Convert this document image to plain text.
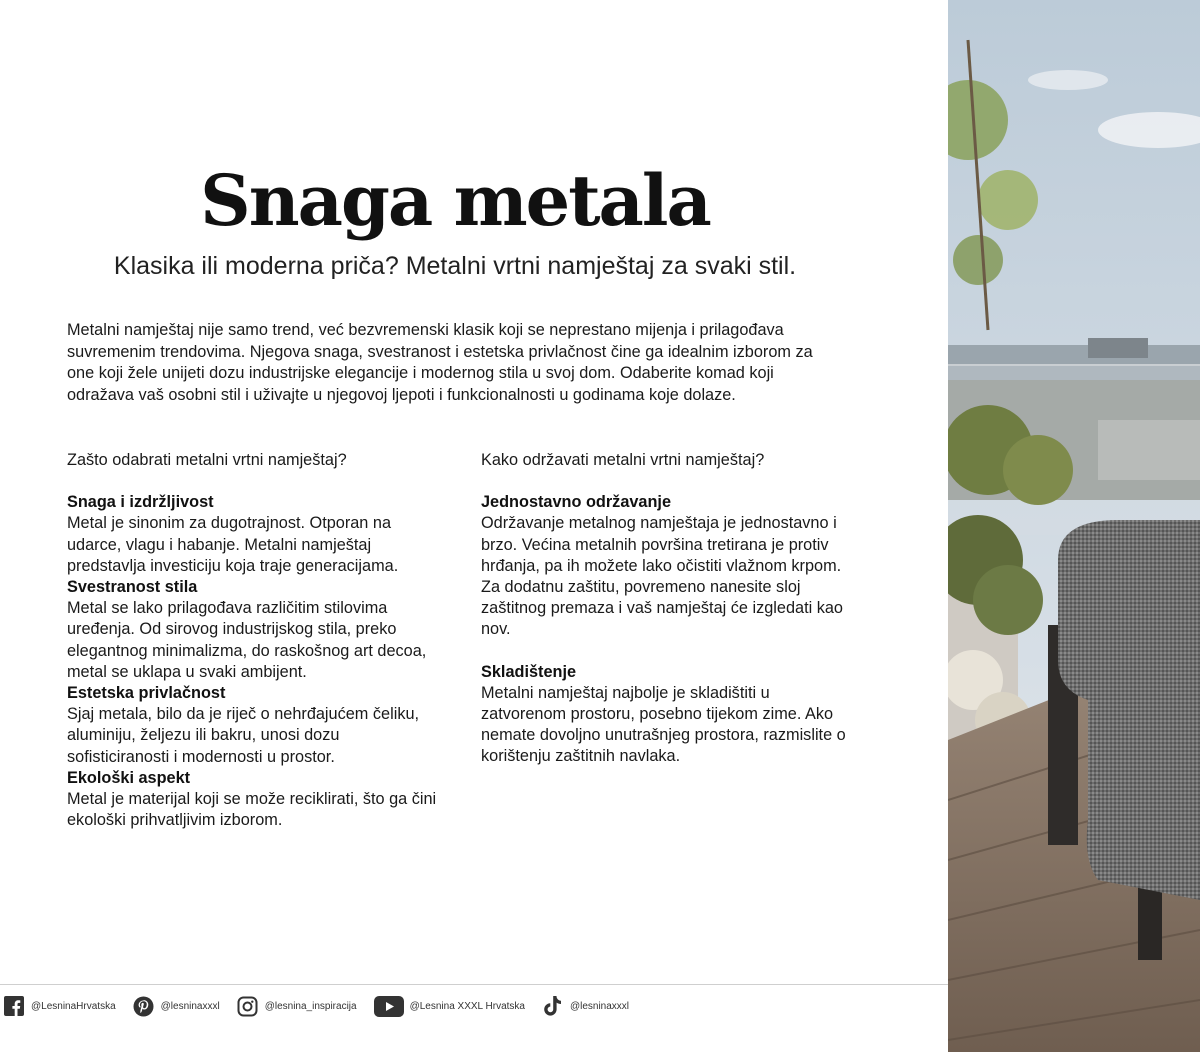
Snaga metala
Klasika ili moderna priča? Metalni vrtni namještaj za svaki stil.

Metalni namještaj nije samo trend, već bezvremenski klasik koji se neprestano mijenja i prilagođava suvremenim trendovima. Njegova snaga, svestranost i estetska privlačnost čine ga idealnim izborom za one koji žele unijeti dozu industrijske elegancije i modernog stila u svoj dom. Odaberite komad koji odražava vaš osobni stil i uživajte u njegovoj ljepoti i funkcionalnosti u godinama koje dolaze.

Zašto odabrati metalni vrtni namještaj?

Snaga i izdržljivost

Metal je sinonim za dugotrajnost. Otporan na udarce, vlagu i habanje. Metalni namještaj predstavlja investiciju koja traje generacijama.

Svestranost stila

Metal se lako prilagođava različitim stilovima uređenja. Od sirovog industrijskog stila, preko elegantnog minimalizma, do raskošnog art decoa, metal se uklapa u svaki ambijent.

Estetska privlačnost

Sjaj metala, bilo da je riječ o nehrđajućem čeliku, aluminiju, željezu ili bakru, unosi dozu sofisticiranosti i modernosti u prostor.

Ekološki aspekt

Metal je materijal koji se može reciklirati, što ga čini ekološki prihvatljivim izborom.

Kako održavati metalni vrtni namještaj?

Jednostavno održavanje

Održavanje metalnog namještaja je jednostavno i brzo. Većina metalnih površina tretirana je protiv hrđanja, pa ih možete lako očistiti vlažnom krpom. Za dodatnu zaštitu, povremeno nanesite sloj zaštitnog premaza i vaš namještaj će izgledati kao nov.

Skladištenje

Metalni namještaj najbolje je skladištiti u zatvorenom prostoru, posebno tijekom zime. Ako nemate dovoljno unutrašnjeg prostora, razmislite o korištenju zaštitnih navlaka.

@LesninaHrvatska	@lesninaxxxl	@lesnina_inspiracija	@Lesnina XXXL Hrvatska	@lesninaxxxl
